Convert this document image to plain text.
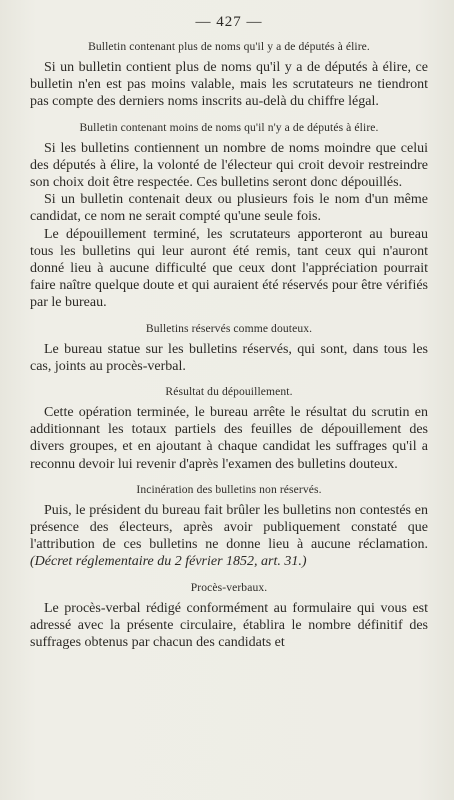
— 427 —
Bulletin contenant plus de noms qu'il y a de députés à élire.

Si un bulletin contient plus de noms qu'il y a de députés à élire, ce bulletin n'en est pas moins valable, mais les scrutateurs ne tiendront pas compte des derniers noms inscrits au-delà du chiffre légal.

Bulletin contenant moins de noms qu'il n'y a de députés à élire.

Si les bulletins contiennent un nombre de noms moindre que celui des députés à élire, la volonté de l'électeur qui croit devoir restreindre son choix doit être respectée. Ces bulletins seront donc dépouillés.

Si un bulletin contenait deux ou plusieurs fois le nom d'un même candidat, ce nom ne serait compté qu'une seule fois.

Le dépouillement terminé, les scrutateurs apporteront au bureau tous les bulletins qui leur auront été remis, tant ceux qui n'auront donné lieu à aucune difficulté que ceux dont l'appréciation pourrait faire naître quelque doute et qui auraient été réservés pour être vérifiés par le bureau.

Bulletins réservés comme douteux.

Le bureau statue sur les bulletins réservés, qui sont, dans tous les cas, joints au procès-verbal.

Résultat du dépouillement.

Cette opération terminée, le bureau arrête le résultat du scrutin en additionnant les totaux partiels des feuilles de dépouillement des divers groupes, et en ajoutant à chaque candidat les suffrages qu'il a reconnu devoir lui revenir d'après l'examen des bulletins douteux.

Incinération des bulletins non réservés.

Puis, le président du bureau fait brûler les bulletins non contestés en présence des électeurs, après avoir publiquement constaté que l'attribution de ces bulletins ne donne lieu à aucune réclamation. (Décret réglementaire du 2 février 1852, art. 31.)

Procès-verbaux.

Le procès-verbal rédigé conformément au formulaire qui vous est adressé avec la présente circulaire, établira le nombre définitif des suffrages obtenus par chacun des candidats et
